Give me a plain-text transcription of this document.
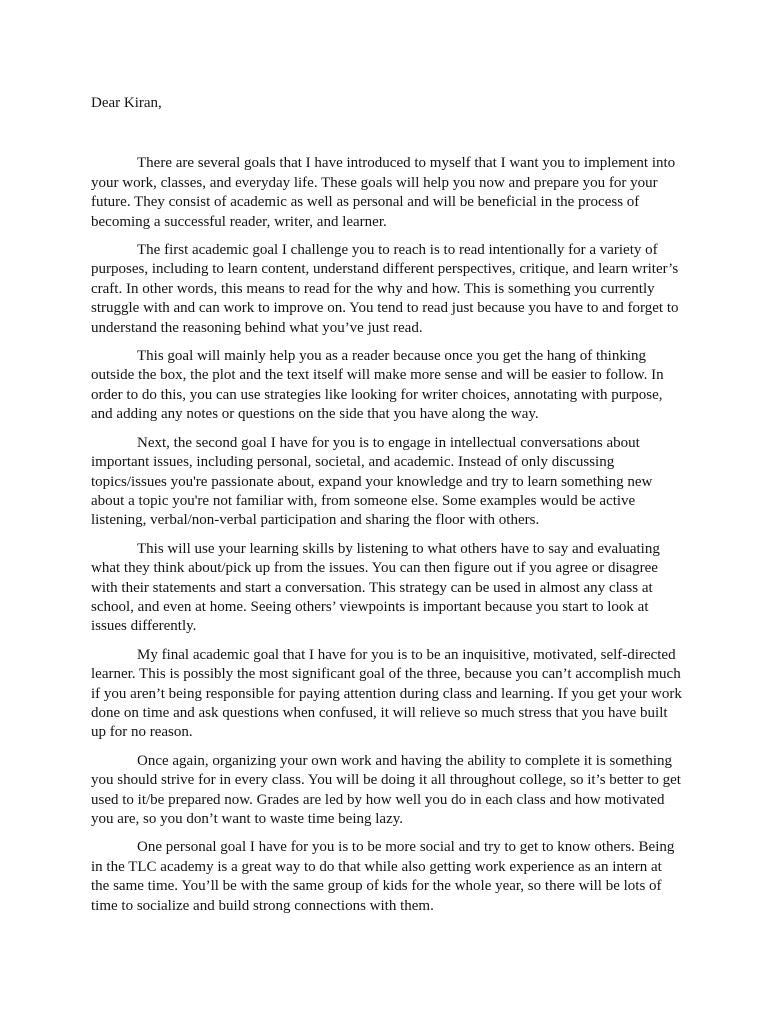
Dear Kiran,

There are several goals that I have introduced to myself that I want you to implement into your work, classes, and everyday life. These goals will help you now and prepare you for your future. They consist of academic as well as personal and will be beneficial in the process of becoming a successful reader, writer, and learner.

The first academic goal I challenge you to reach is to read intentionally for a variety of purposes, including to learn content, understand different perspectives, critique, and learn writer’s craft. In other words, this means to read for the why and how. This is something you currently struggle with and can work to improve on. You tend to read just because you have to and forget to understand the reasoning behind what you’ve just read.

This goal will mainly help you as a reader because once you get the hang of thinking outside the box, the plot and the text itself will make more sense and will be easier to follow. In order to do this, you can use strategies like looking for writer choices, annotating with purpose, and adding any notes or questions on the side that you have along the way.

Next, the second goal I have for you is to engage in intellectual conversations about important issues, including personal, societal, and academic. Instead of only discussing topics/issues you're passionate about, expand your knowledge and try to learn something new about a topic you're not familiar with, from someone else. Some examples would be active listening, verbal/non-verbal participation and sharing the floor with others.

This will use your learning skills by listening to what others have to say and evaluating what they think about/pick up from the issues. You can then figure out if you agree or disagree with their statements and start a conversation. This strategy can be used in almost any class at school, and even at home. Seeing others’ viewpoints is important because you start to look at issues differently.

My final academic goal that I have for you is to be an inquisitive, motivated, self-directed learner. This is possibly the most significant goal of the three, because you can’t accomplish much if you aren’t being responsible for paying attention during class and learning. If you get your work done on time and ask questions when confused, it will relieve so much stress that you have built up for no reason.

Once again, organizing your own work and having the ability to complete it is something you should strive for in every class. You will be doing it all throughout college, so it’s better to get used to it/be prepared now. Grades are led by how well you do in each class and how motivated you are, so you don’t want to waste time being lazy.

One personal goal I have for you is to be more social and try to get to know others. Being in the TLC academy is a great way to do that while also getting work experience as an intern at the same time. You’ll be with the same group of kids for the whole year, so there will be lots of time to socialize and build strong connections with them.
